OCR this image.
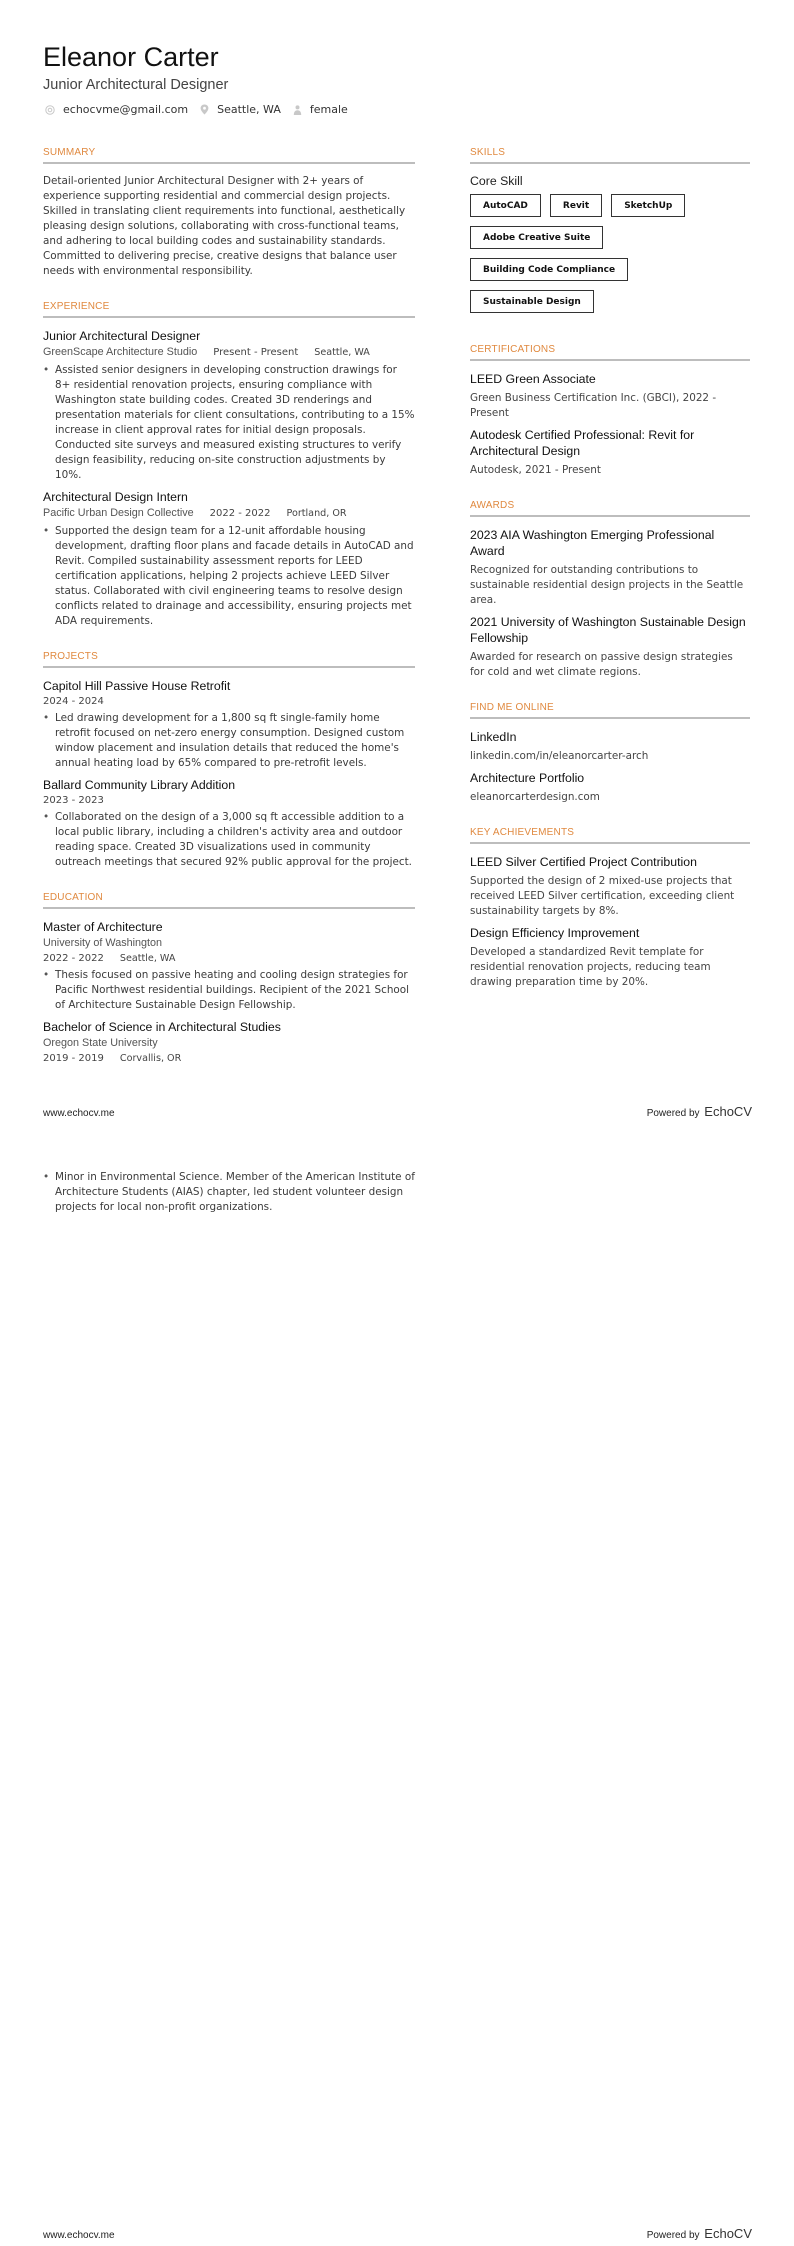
Eleanor Carter
Junior Architectural Designer
echocvme@gmail.com	Seattle, WA	female
SUMMARY

Detail-oriented Junior Architectural Designer with 2+ years of experience supporting residential and commercial design projects. Skilled in translating client requirements into functional, aesthetically pleasing design solutions, collaborating with cross-functional teams, and adhering to local building codes and sustainability standards. Committed to delivering precise, creative designs that balance user needs with environmental responsibility.

EXPERIENCE
Junior Architectural Designer
GreenScape Architecture Studio Present - Present Seattle, WA
• Assisted senior designers in developing construction drawings for 8+ residential renovation projects, ensuring compliance with Washington state building codes. Created 3D renderings and presentation materials for client consultations, contributing to a 15% increase in client approval rates for initial design proposals. Conducted site surveys and measured existing structures to verify design feasibility, reducing on-site construction adjustments by 10%.
Architectural Design Intern
Pacific Urban Design Collective 2022 - 2022 Portland, OR
• Supported the design team for a 12-unit affordable housing development, drafting floor plans and facade details in AutoCAD and Revit. Compiled sustainability assessment reports for LEED certification applications, helping 2 projects achieve LEED Silver status. Collaborated with civil engineering teams to resolve design conflicts related to drainage and accessibility, ensuring projects met ADA requirements.
PROJECTS
Capitol Hill Passive House Retrofit
2024 - 2024
• Led drawing development for a 1,800 sq ft single-family home retrofit focused on net-zero energy consumption. Designed custom window placement and insulation details that reduced the home's annual heating load by 65% compared to pre-retrofit levels.
Ballard Community Library Addition
2023 - 2023
• Collaborated on the design of a 3,000 sq ft accessible addition to a local public library, including a children's activity area and outdoor reading space. Created 3D visualizations used in community outreach meetings that secured 92% public approval for the project.
EDUCATION
Master of Architecture
University of Washington
2022 - 2022 Seattle, WA
• Thesis focused on passive heating and cooling design strategies for Pacific Northwest residential buildings. Recipient of the 2021 School of Architecture Sustainable Design Fellowship.
Bachelor of Science in Architectural Studies
Oregon State University
2019 - 2019 Corvallis, OR
SKILLS
Core Skill
AutoCAD	Revit	SketchUp
Adobe Creative Suite
Building Code Compliance
Sustainable Design
CERTIFICATIONS
LEED Green Associate
Green Business Certification Inc. (GBCI), 2022 - Present
Autodesk Certified Professional: Revit for Architectural Design
Autodesk, 2021 - Present
AWARDS
2023 AIA Washington Emerging Professional Award
Recognized for outstanding contributions to sustainable residential design projects in the Seattle area.
2021 University of Washington Sustainable Design Fellowship
Awarded for research on passive design strategies for cold and wet climate regions.
FIND ME ONLINE
LinkedIn
linkedin.com/in/eleanorcarter-arch
Architecture Portfolio
eleanorcarterdesign.com
KEY ACHIEVEMENTS
LEED Silver Certified Project Contribution
Supported the design of 2 mixed-use projects that received LEED Silver certification, exceeding client sustainability targets by 8%.
Design Efficiency Improvement
Developed a standardized Revit template for residential renovation projects, reducing team drawing preparation time by 20%.
www.echocv.me	Powered by EchoCV
• Minor in Environmental Science. Member of the American Institute of Architecture Students (AIAS) chapter, led student volunteer design projects for local non-profit organizations.
www.echocv.me	Powered by EchoCV
